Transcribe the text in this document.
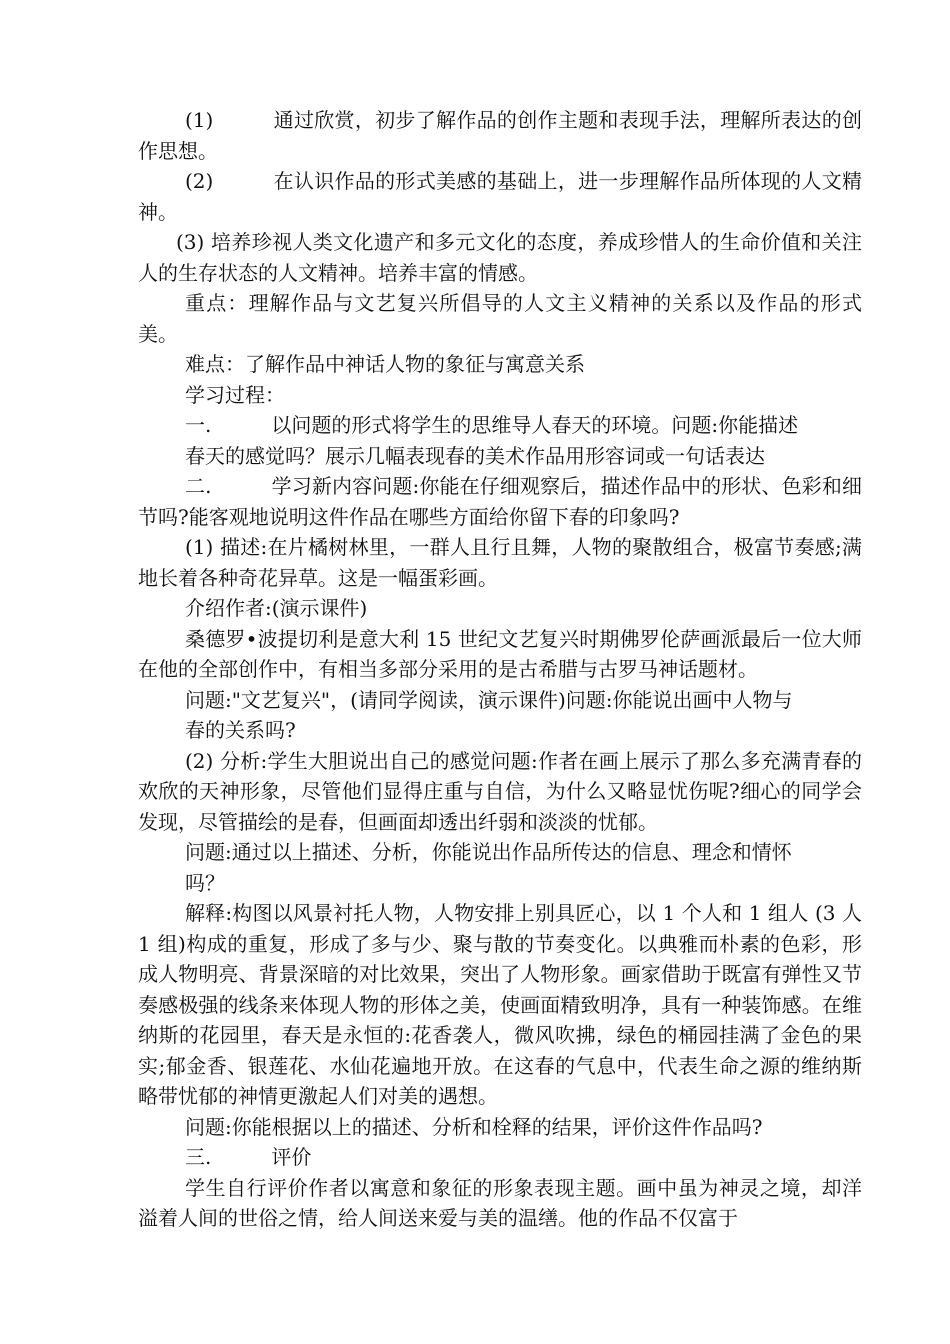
(1)	通过欣赏，初步了解作品的创作主题和表现手法，理解所表达的创作思想。

(2)	在认识作品的形式美感的基础上，进一步理解作品所体现的人文精神。

(3) 培养珍视人类文化遗产和多元文化的态度，养成珍惜人的生命价值和关注人的生存状态的人文精神。培养丰富的情感。

重点：理解作品与文艺复兴所倡导的人文主义精神的关系以及作品的形式美。

难点：了解作品中神话人物的象征与寓意关系

学习过程：

一.	以问题的形式将学生的思维导人春天的环境。问题:你能描述

春天的感觉吗？展示几幅表现春的美术作品用形容词或一句话表达

二.	学习新内容问题:你能在仔细观察后，描述作品中的形状、色彩和细节吗?能客观地说明这件作品在哪些方面给你留下春的印象吗?

(1) 描述:在片橘树林里，一群人且行且舞，人物的聚散组合，极富节奏感;满地长着各种奇花异草。这是一幅蛋彩画。

介绍作者:(演示课件)

桑德罗•波提切利是意大利 15 世纪文艺复兴时期佛罗伦萨画派最后一位大师在他的全部创作中，有相当多部分采用的是古希腊与古罗马神话题材。

问题:"文艺复兴"，(请同学阅读，演示课件)问题:你能说出画中人物与

春的关系吗?

(2) 分析:学生大胆说出自己的感觉问题:作者在画上展示了那么多充满青春的欢欣的天神形象，尽管他们显得庄重与自信，为什么又略显忧伤呢?细心的同学会发现，尽管描绘的是春，但画面却透出纤弱和淡淡的忧郁。

问题:通过以上描述、分析，你能说出作品所传达的信息、理念和情怀

吗？

解释:构图以风景衬托人物，人物安排上别具匠心，以 1 个人和 1 组人 (3 人 1 组)构成的重复，形成了多与少、聚与散的节奏变化。以典雅而朴素的色彩，形成人物明亮、背景深暗的对比效果，突出了人物形象。画家借助于既富有弹性又节奏感极强的线条来体现人物的形体之美，使画面精致明净，具有一种装饰感。在维纳斯的花园里，春天是永恒的:花香袭人，微风吹拂，绿色的桶园挂满了金色的果实;郁金香、银莲花、水仙花遍地开放。在这春的气息中，代表生命之源的维纳斯略带忧郁的神情更激起人们对美的遇想。

问题:你能根据以上的描述、分析和栓释的结果，评价这件作品吗?

三.	评价

学生自行评价作者以寓意和象征的形象表现主题。画中虽为神灵之境，却洋溢着人间的世俗之情，给人间送来爱与美的温缮。他的作品不仅富于
